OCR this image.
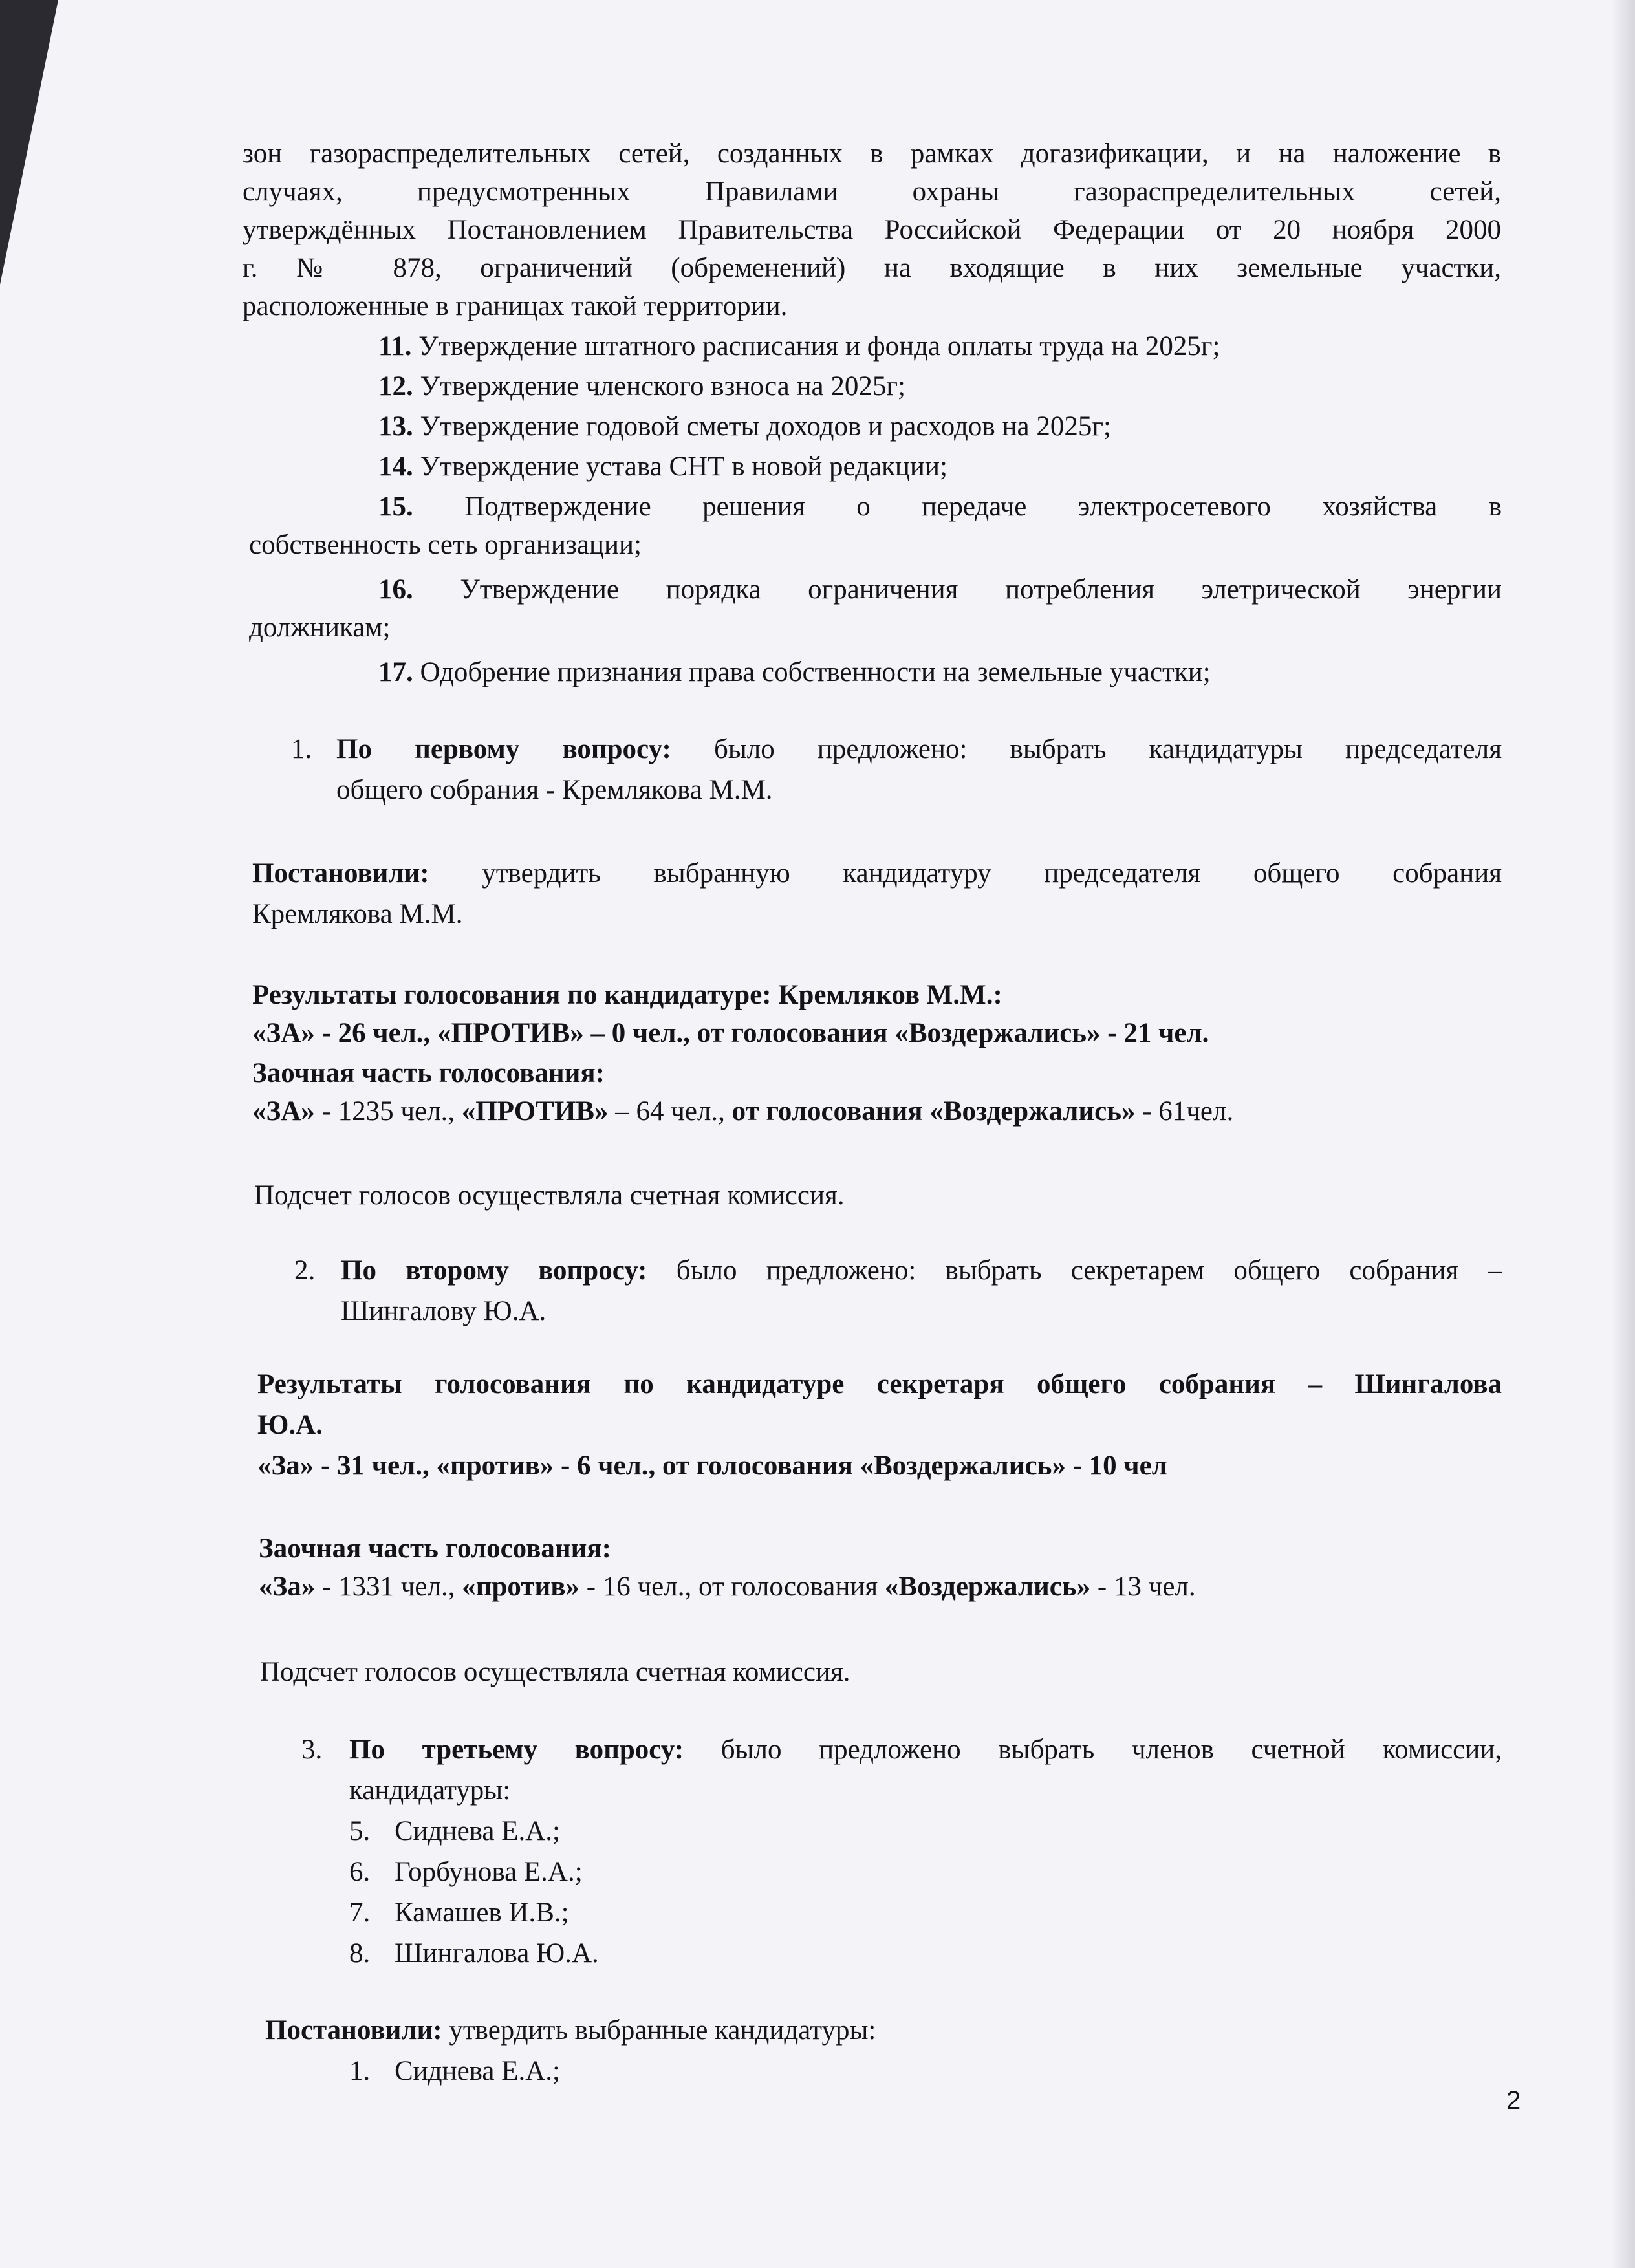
зон газораспределительных сетей, созданных в рамках догазификации, и на наложение в

случаях, предусмотренных Правилами охраны газораспределительных сетей,

утверждённых Постановлением Правительства Российской Федерации от 20 ноября 2000

г. № 878, ограничений (обременений) на входящие в них земельные участки,

расположенные в границах такой территории.

11. Утверждение штатного расписания и фонда оплаты труда на 2025г;

12. Утверждение членского взноса на 2025г;

13. Утверждение годовой сметы доходов и расходов на 2025г;

14. Утверждение устава СНТ в новой редакции;

15. Подтверждение решения о передаче электросетевого хозяйства в

собственность сеть организации;

16. Утверждение порядка ограничения потребления элетрической энергии

должникам;

17. Одобрение признания права собственности на земельные участки;

1. По первому вопросу: было предложено: выбрать кандидатуры председателя

общего собрания - Кремлякова М.М.

Постановили: утвердить выбранную кандидатуру председателя общего собрания

Кремлякова М.М.

Результаты голосования по кандидатуре: Кремляков М.М.:

«ЗА» - 26 чел., «ПРОТИВ» – 0 чел., от голосования «Воздержались» - 21 чел.

Заочная часть голосования:

«ЗА» - 1235 чел., «ПРОТИВ» – 64 чел., от голосования «Воздержались» - 61чел.

Подсчет голосов осуществляла счетная комиссия.

2. По второму вопросу: было предложено: выбрать секретарем общего собрания –

Шингалову Ю.А.

Результаты голосования по кандидатуре секретаря общего собрания – Шингалова

Ю.А.

«За» - 31 чел., «против» - 6 чел., от голосования «Воздержались» - 10 чел

Заочная часть голосования:

«За» - 1331 чел., «против» - 16 чел., от голосования «Воздержались» - 13 чел.

Подсчет голосов осуществляла счетная комиссия.

3. По третьему вопросу: было предложено выбрать членов счетной комиссии,

кандидатуры:

5. Сиднева Е.А.;

6. Горбунова Е.А.;

7. Камашев И.В.;

8. Шингалова Ю.А.

Постановили: утвердить выбранные кандидатуры:

1. Сиднева Е.А.;

2
